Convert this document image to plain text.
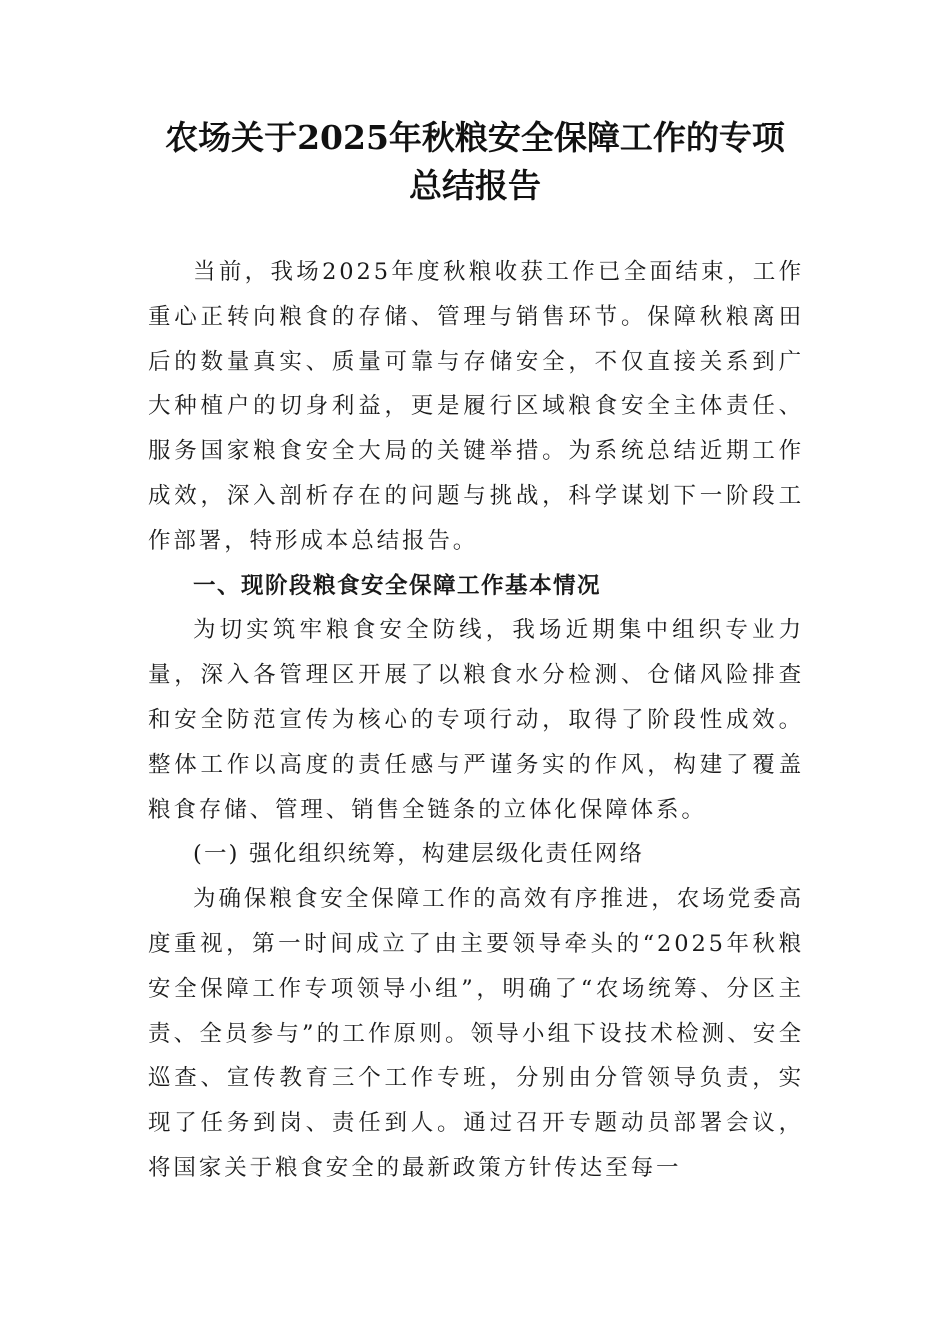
农场关于2025年秋粮安全保障工作的专项
总结报告

当前，我场2025年度秋粮收获工作已全面结束，工作重心正转向粮食的存储、管理与销售环节。保障秋粮离田后的数量真实、质量可靠与存储安全，不仅直接关系到广大种植户的切身利益，更是履行区域粮食安全主体责任、服务国家粮食安全大局的关键举措。为系统总结近期工作成效，深入剖析存在的问题与挑战，科学谋划下一阶段工作部署，特形成本总结报告。

一、现阶段粮食安全保障工作基本情况

为切实筑牢粮食安全防线，我场近期集中组织专业力量，深入各管理区开展了以粮食水分检测、仓储风险排查和安全防范宣传为核心的专项行动，取得了阶段性成效。整体工作以高度的责任感与严谨务实的作风，构建了覆盖粮食存储、管理、销售全链条的立体化保障体系。

(一) 强化组织统筹，构建层级化责任网络

为确保粮食安全保障工作的高效有序推进，农场党委高度重视，第一时间成立了由主要领导牵头的“2025年秋粮安全保障工作专项领导小组”，明确了“农场统筹、分区主责、全员参与”的工作原则。领导小组下设技术检测、安全巡查、宣传教育三个工作专班，分别由分管领导负责，实现了任务到岗、责任到人。通过召开专题动员部署会议，将国家关于粮食安全的最新政策方针传达至每一
